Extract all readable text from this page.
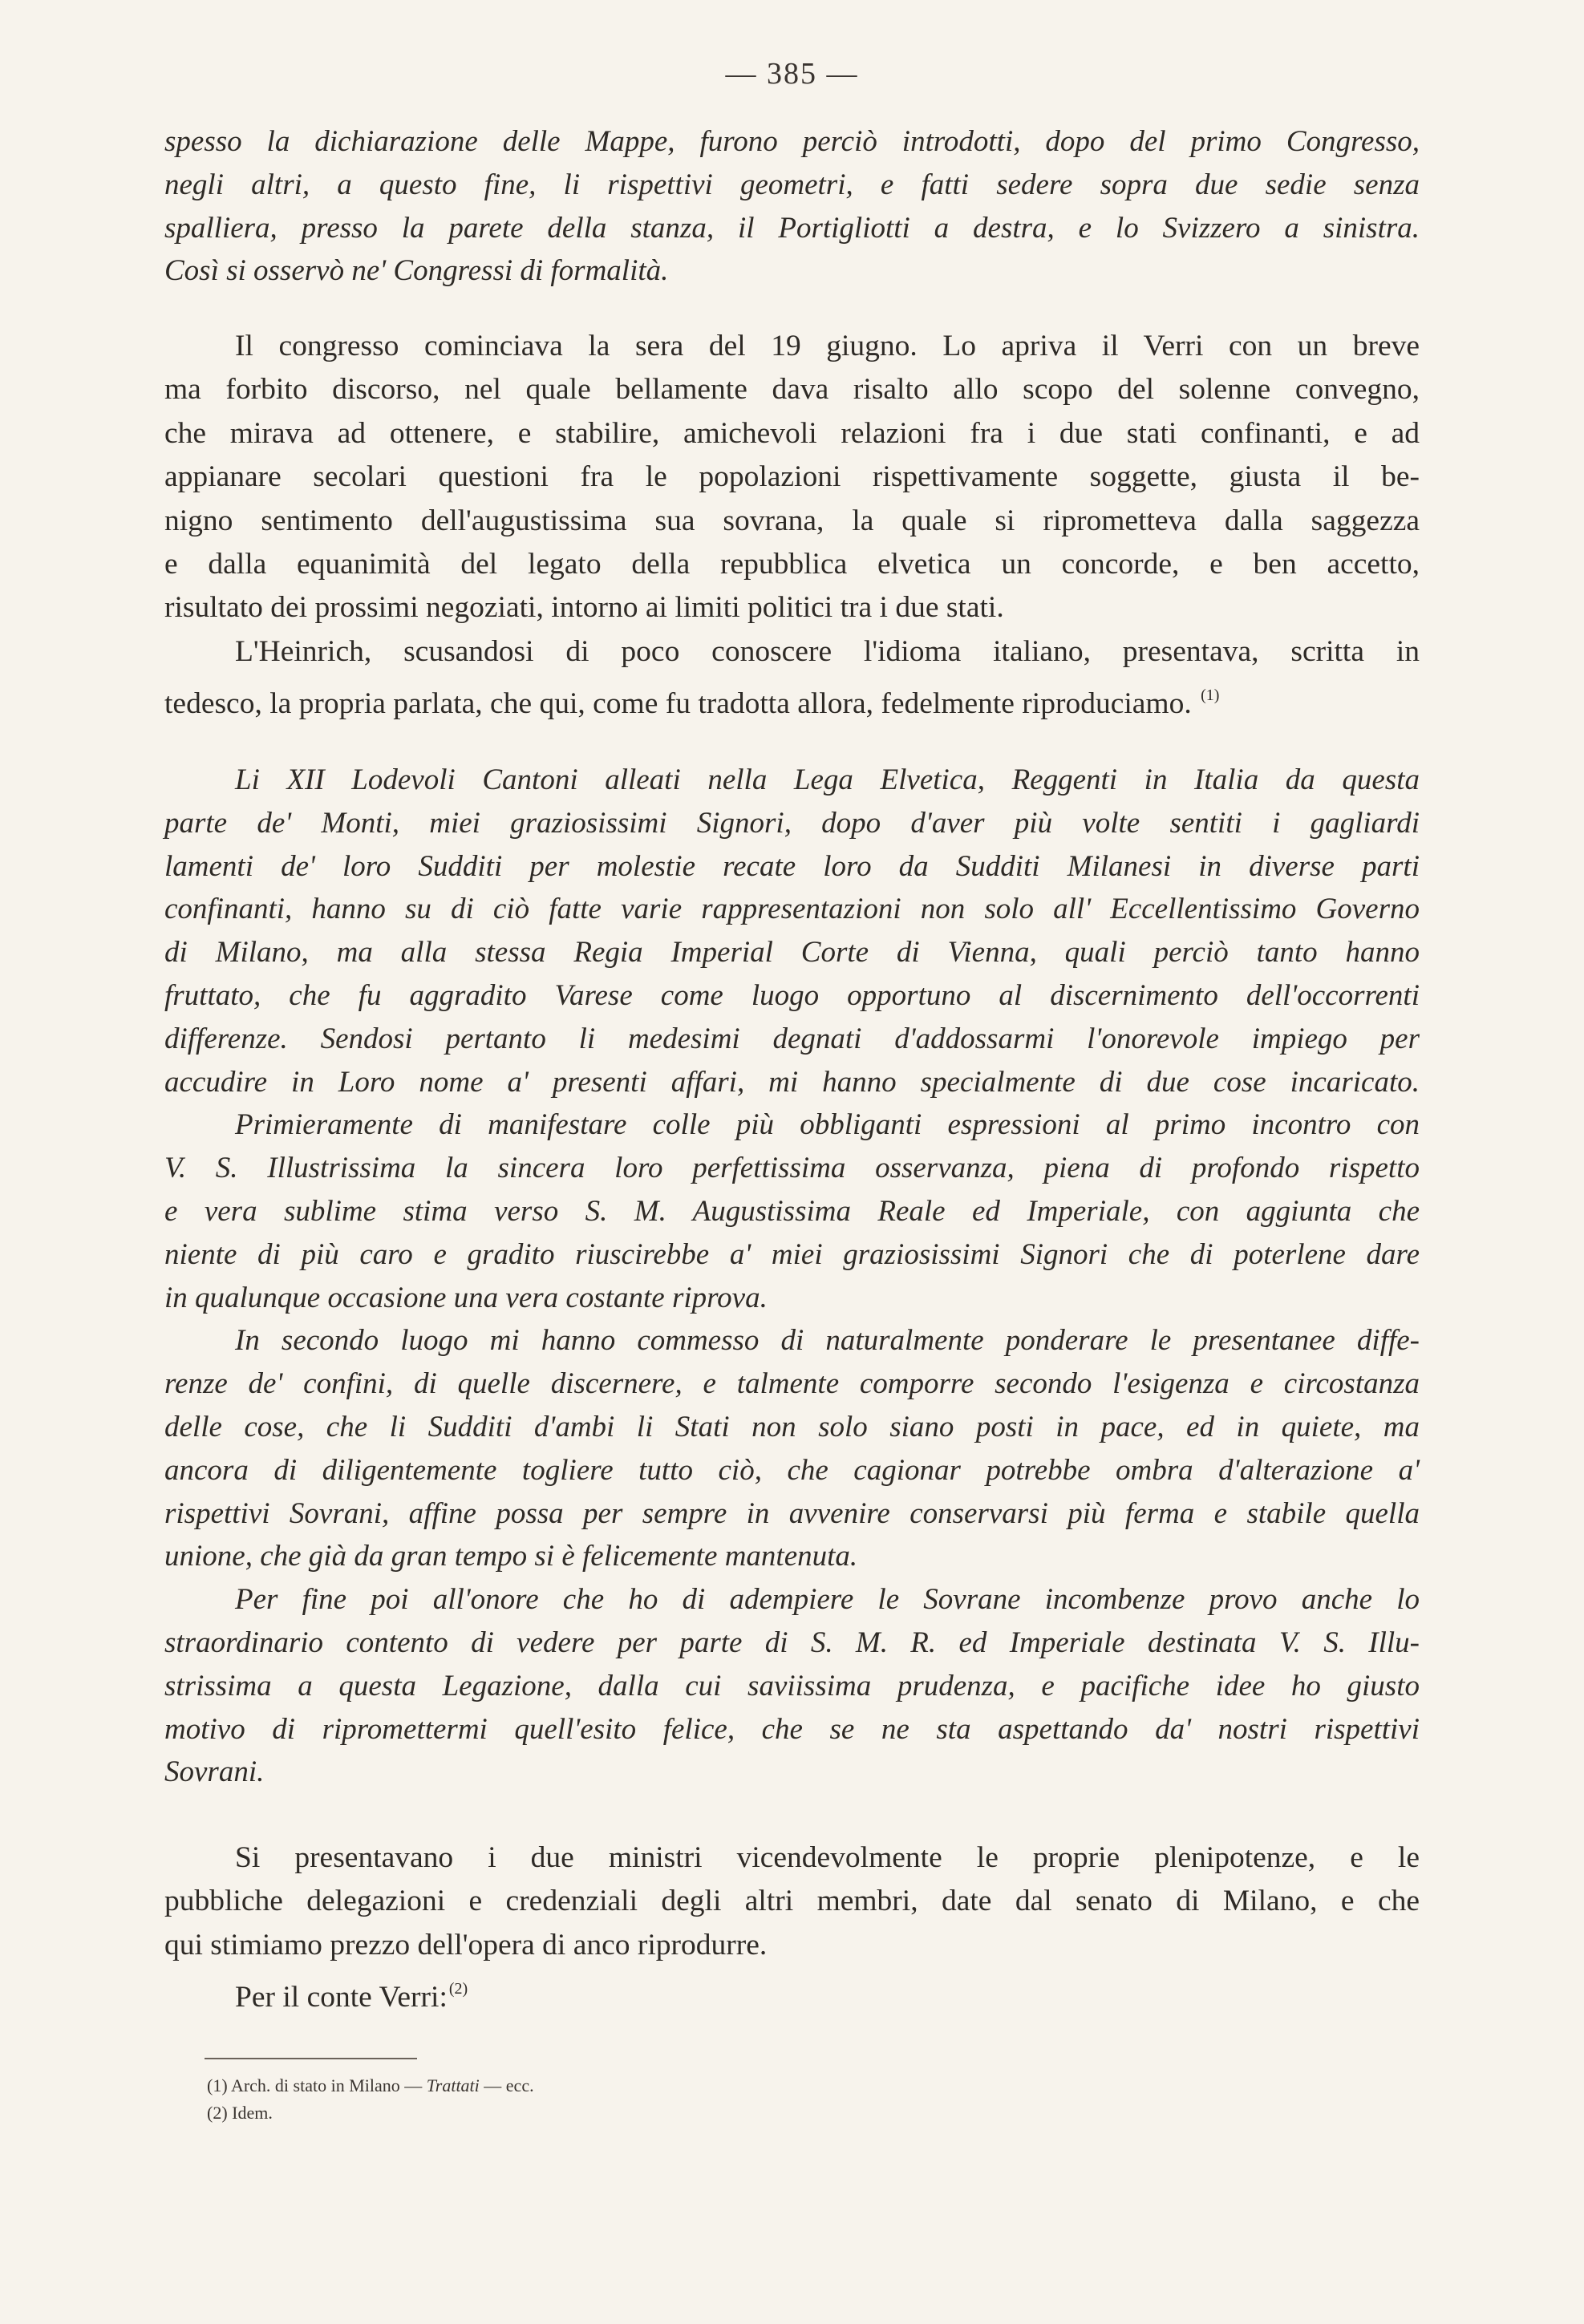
— 385 —
spesso la dichiarazione delle Mappe, furono perciò introdotti, dopo del primo Congresso,
negli altri, a questo fine, li rispettivi geometri, e fatti sedere sopra due sedie senza
spalliera, presso la parete della stanza, il Portigliotti a destra, e lo Svizzero a sinistra.
Così si osservò ne' Congressi di formalità.
Il congresso cominciava la sera del 19 giugno. Lo apriva il Verri con un breve
ma forbito discorso, nel quale bellamente dava risalto allo scopo del solenne convegno,
che mirava ad ottenere, e stabilire, amichevoli relazioni fra i due stati confinanti, e ad
appianare secolari questioni fra le popolazioni rispettivamente soggette, giusta il be-
nigno sentimento dell'augustissima sua sovrana, la quale si riprometteva dalla saggezza
e dalla equanimità del legato della repubblica elvetica un concorde, e ben accetto,
risultato dei prossimi negoziati, intorno ai limiti politici tra i due stati.
L'Heinrich, scusandosi di poco conoscere l'idioma italiano, presentava, scritta in
tedesco, la propria parlata, che qui, come fu tradotta allora, fedelmente riproduciamo. $^{(1)}$
Li XII Lodevoli Cantoni alleati nella Lega Elvetica, Reggenti in Italia da questa
parte de' Monti, miei graziosissimi Signori, dopo d'aver più volte sentiti i gagliardi
lamenti de' loro Sudditi per molestie recate loro da Sudditi Milanesi in diverse parti
confinanti, hanno su di ciò fatte varie rappresentazioni non solo all' Eccellentissimo Governo
di Milano, ma alla stessa Regia Imperial Corte di Vienna, quali perciò tanto hanno
fruttato, che fu aggradito Varese come luogo opportuno al discernimento dell'occorrenti
differenze. Sendosi pertanto li medesimi degnati d'addossarmi l'onorevole impiego per
accudire in Loro nome a' presenti affari, mi hanno specialmente di due cose incaricato.
Primieramente di manifestare colle più obbliganti espressioni al primo incontro con
V. S. Illustrissima la sincera loro perfettissima osservanza, piena di profondo rispetto
e vera sublime stima verso S. M. Augustissima Reale ed Imperiale, con aggiunta che
niente di più caro e gradito riuscirebbe a' miei graziosissimi Signori che di poterlene dare
in qualunque occasione una vera costante riprova.
In secondo luogo mi hanno commesso di naturalmente ponderare le presentanee diffe-
renze de' confini, di quelle discernere, e talmente comporre secondo l'esigenza e circostanza
delle cose, che li Sudditi d'ambi li Stati non solo siano posti in pace, ed in quiete, ma
ancora di diligentemente togliere tutto ciò, che cagionar potrebbe ombra d'alterazione a'
rispettivi Sovrani, affine possa per sempre in avvenire conservarsi più ferma e stabile quella
unione, che già da gran tempo si è felicemente mantenuta.
Per fine poi all'onore che ho di adempiere le Sovrane incombenze provo anche lo
straordinario contento di vedere per parte di S. M. R. ed Imperiale destinata V. S. Illu-
strissima a questa Legazione, dalla cui saviissima prudenza, e pacifiche idee ho giusto
motivo di ripromettermi quell'esito felice, che se ne sta aspettando da' nostri rispettivi
Sovrani.
Si presentavano i due ministri vicendevolmente le proprie plenipotenze, e le
pubbliche delegazioni e credenziali degli altri membri, date dal senato di Milano, e che
qui stimiamo prezzo dell'opera di anco riprodurre.
Per il conte Verri: $^{(2)}$
(1) Arch. di stato in Milano — Trattati — ecc.
(2) Idem.
